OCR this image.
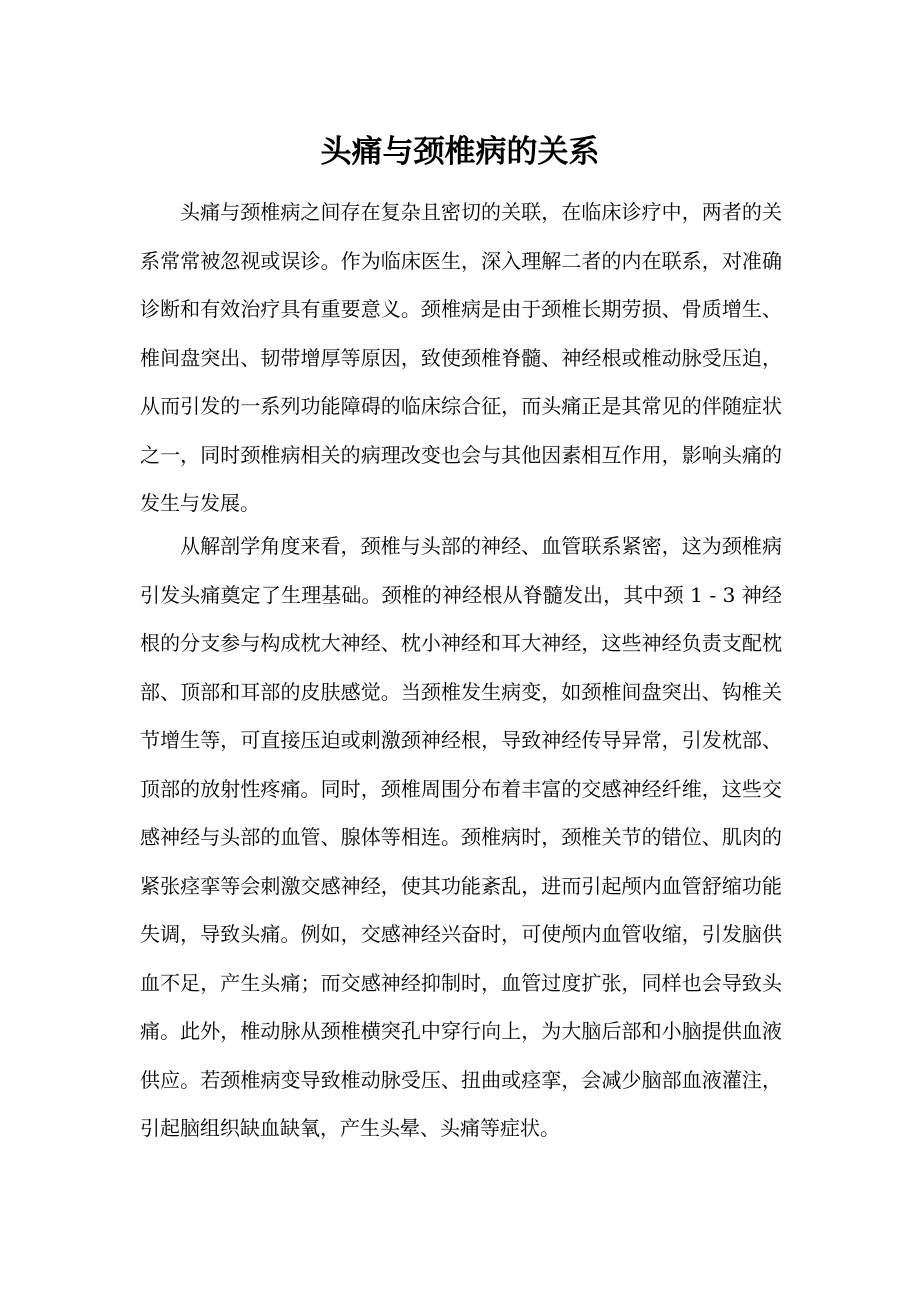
头痛与颈椎病的关系

头痛与颈椎病之间存在复杂且密切的关联，在临床诊疗中，两者的关系常常被忽视或误诊。作为临床医生，深入理解二者的内在联系，对准确诊断和有效治疗具有重要意义。颈椎病是由于颈椎长期劳损、骨质增生、椎间盘突出、韧带增厚等原因，致使颈椎脊髓、神经根或椎动脉受压迫，从而引发的一系列功能障碍的临床综合征，而头痛正是其常见的伴随症状之一，同时颈椎病相关的病理改变也会与其他因素相互作用，影响头痛的发生与发展。

从解剖学角度来看，颈椎与头部的神经、血管联系紧密，这为颈椎病引发头痛奠定了生理基础。颈椎的神经根从脊髓发出，其中颈 1 - 3 神经根的分支参与构成枕大神经、枕小神经和耳大神经，这些神经负责支配枕部、顶部和耳部的皮肤感觉。当颈椎发生病变，如颈椎间盘突出、钩椎关节增生等，可直接压迫或刺激颈神经根，导致神经传导异常，引发枕部、顶部的放射性疼痛。同时，颈椎周围分布着丰富的交感神经纤维，这些交感神经与头部的血管、腺体等相连。颈椎病时，颈椎关节的错位、肌肉的紧张痉挛等会刺激交感神经，使其功能紊乱，进而引起颅内血管舒缩功能失调，导致头痛。例如，交感神经兴奋时，可使颅内血管收缩，引发脑供血不足，产生头痛；而交感神经抑制时，血管过度扩张，同样也会导致头痛。此外，椎动脉从颈椎横突孔中穿行向上，为大脑后部和小脑提供血液供应。若颈椎病变导致椎动脉受压、扭曲或痉挛，会减少脑部血液灌注，引起脑组织缺血缺氧，产生头晕、头痛等症状。
